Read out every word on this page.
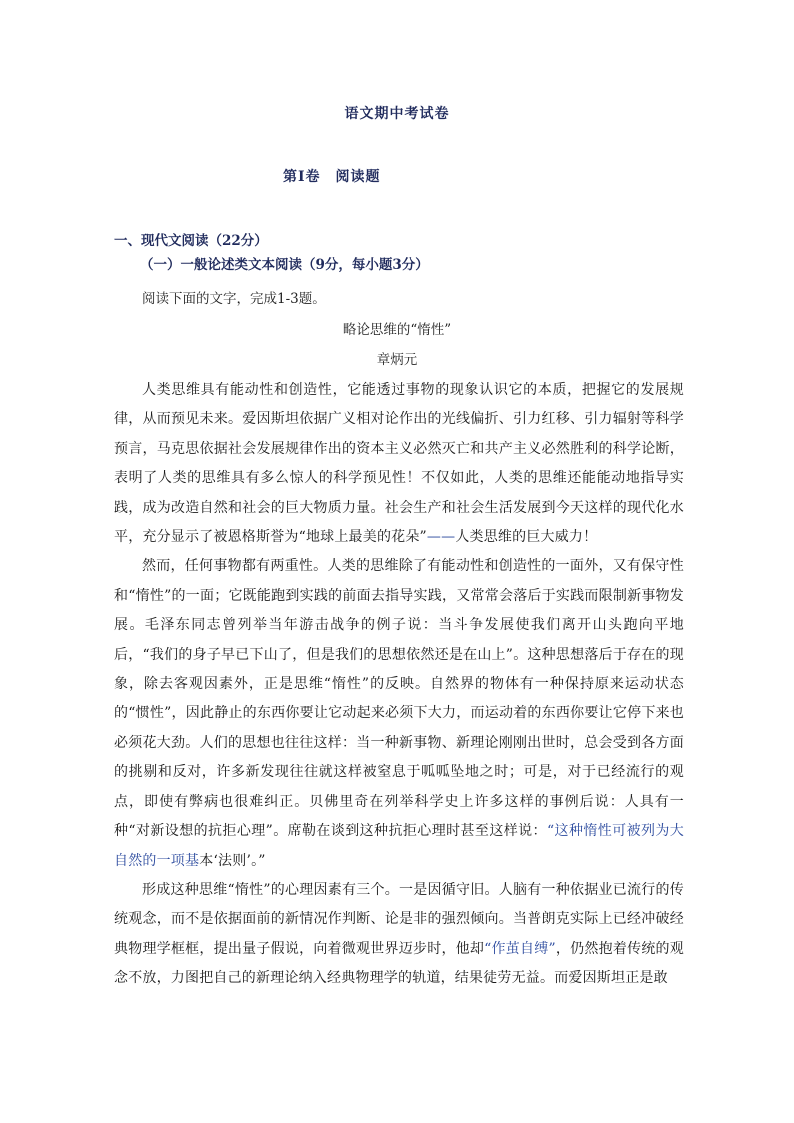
语文期中考试卷
第Ⅰ卷　阅读题
一、现代文阅读（22分）
（一）一般论述类文本阅读（9分，每小题3分）
阅读下面的文字，完成1-3题。
略论思维的“惰性”
章炳元

人类思维具有能动性和创造性，它能透过事物的现象认识它的本质，把握它的发展规律，从而预见未来。爱因斯坦依据广义相对论作出的光线偏折、引力红移、引力辐射等科学预言，马克思依据社会发展规律作出的资本主义必然灭亡和共产主义必然胜利的科学论断，表明了人类的思维具有多么惊人的科学预见性！不仅如此，人类的思维还能能动地指导实践，成为改造自然和社会的巨大物质力量。社会生产和社会生活发展到今天这样的现代化水平，充分显示了被恩格斯誉为“地球上最美的花朵”——人类思维的巨大威力！

然而，任何事物都有两重性。人类的思维除了有能动性和创造性的一面外，又有保守性和“惰性”的一面；它既能跑到实践的前面去指导实践，又常常会落后于实践而限制新事物发展。毛泽东同志曾列举当年游击战争的例子说：当斗争发展使我们离开山头跑向平地后，“我们的身子早已下山了，但是我们的思想依然还是在山上”。这种思想落后于存在的现象，除去客观因素外，正是思维“惰性”的反映。自然界的物体有一种保持原来运动状态的“惯性”，因此静止的东西你要让它动起来必须下大力，而运动着的东西你要让它停下来也必须花大劲。人们的思想也往往这样：当一种新事物、新理论刚刚出世时，总会受到各方面的挑剔和反对，许多新发现往往就这样被窒息于呱呱坠地之时；可是，对于已经流行的观点，即使有弊病也很难纠正。贝佛里奇在列举科学史上许多这样的事例后说：人具有一种“对新设想的抗拒心理”。席勒在谈到这种抗拒心理时甚至这样说：“这种惰性可被列为大自然的一项基本‘法则’。”

形成这种思维“惰性”的心理因素有三个。一是因循守旧。人脑有一种依据业已流行的传统观念，而不是依据面前的新情况作判断、论是非的强烈倾向。当普朗克实际上已经冲破经典物理学框框，提出量子假说，向着微观世界迈步时，他却“作茧自缚”，仍然抱着传统的观念不放，力图把自己的新理论纳入经典物理学的轨道，结果徒劳无益。而爱因斯坦正是敢
